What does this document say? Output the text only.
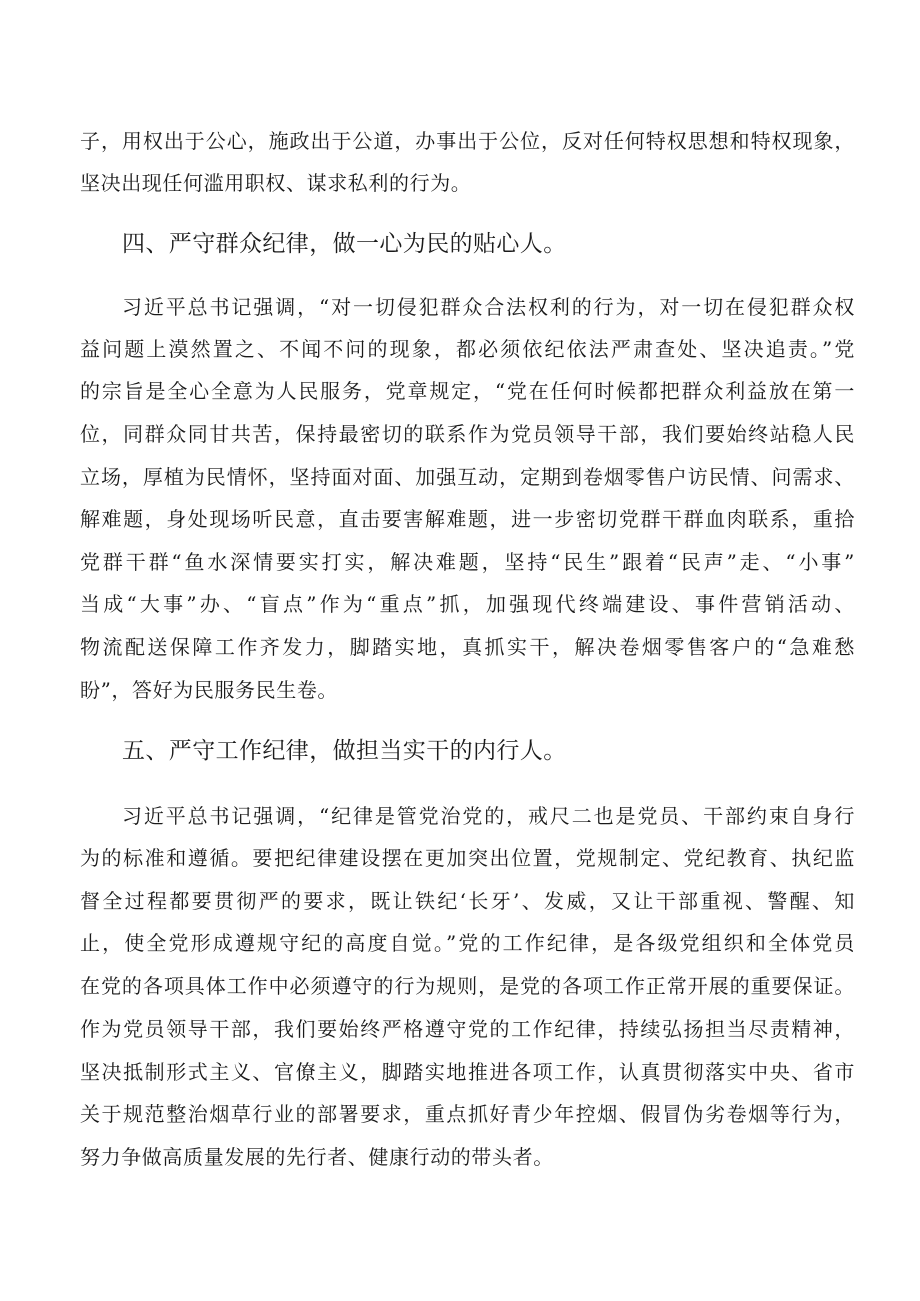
子，用权出于公心，施政出于公道，办事出于公位，反对任何特权思想和特权现象，
坚决出现任何滥用职权、谋求私利的行为。
四、严守群众纪律，做一心为民的贴心人。
习近平总书记强调，“对一切侵犯群众合法权利的行为，对一切在侵犯群众权
益问题上漠然置之、不闻不问的现象，都必须依纪依法严肃查处、坚决追责。”党
的宗旨是全心全意为人民服务，党章规定，“党在任何时候都把群众利益放在第一
位，同群众同甘共苦，保持最密切的联系作为党员领导干部，我们要始终站稳人民
立场，厚植为民情怀，坚持面对面、加强互动，定期到卷烟零售户访民情、问需求、
解难题，身处现场听民意，直击要害解难题，进一步密切党群干群血肉联系，重拾
党群干群“鱼水深情要实打实，解决难题，坚持“民生”跟着“民声”走、“小事”
当成“大事”办、“盲点”作为“重点”抓，加强现代终端建设、事件营销活动、
物流配送保障工作齐发力，脚踏实地，真抓实干，解决卷烟零售客户的“急难愁
盼”，答好为民服务民生卷。
五、严守工作纪律，做担当实干的内行人。
习近平总书记强调，“纪律是管党治党的，戒尺二也是党员、干部约束自身行
为的标准和遵循。要把纪律建设摆在更加突出位置，党规制定、党纪教育、执纪监
督全过程都要贯彻严的要求，既让铁纪‘长牙’、发威，又让干部重视、警醒、知
止，使全党形成遵规守纪的高度自觉。”党的工作纪律，是各级党组织和全体党员
在党的各项具体工作中必须遵守的行为规则，是党的各项工作正常开展的重要保证。
作为党员领导干部，我们要始终严格遵守党的工作纪律，持续弘扬担当尽责精神，
坚决抵制形式主义、官僚主义，脚踏实地推进各项工作，认真贯彻落实中央、省市
关于规范整治烟草行业的部署要求，重点抓好青少年控烟、假冒伪劣卷烟等行为，
努力争做高质量发展的先行者、健康行动的带头者。
